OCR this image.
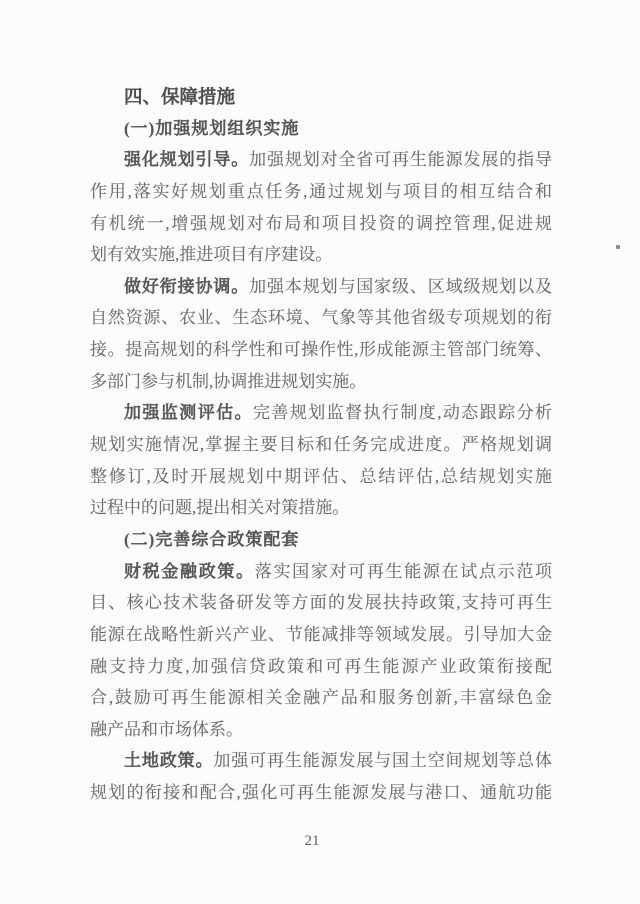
四、保障措施
(一)加强规划组织实施
强化规划引导。加强规划对全省可再生能源发展的指导
作用,落实好规划重点任务,通过规划与项目的相互结合和
有机统一,增强规划对布局和项目投资的调控管理,促进规
划有效实施,推进项目有序建设。
做好衔接协调。加强本规划与国家级、区域级规划以及
自然资源、农业、生态环境、气象等其他省级专项规划的衔
接。提高规划的科学性和可操作性,形成能源主管部门统筹、
多部门参与机制,协调推进规划实施。
加强监测评估。完善规划监督执行制度,动态跟踪分析
规划实施情况,掌握主要目标和任务完成进度。严格规划调
整修订,及时开展规划中期评估、总结评估,总结规划实施
过程中的问题,提出相关对策措施。
(二)完善综合政策配套
财税金融政策。落实国家对可再生能源在试点示范项
目、核心技术装备研发等方面的发展扶持政策,支持可再生
能源在战略性新兴产业、节能减排等领域发展。引导加大金
融支持力度,加强信贷政策和可再生能源产业政策衔接配
合,鼓励可再生能源相关金融产品和服务创新,丰富绿色金
融产品和市场体系。
土地政策。加强可再生能源发展与国土空间规划等总体
规划的衔接和配合,强化可再生能源发展与港口、通航功能
21
